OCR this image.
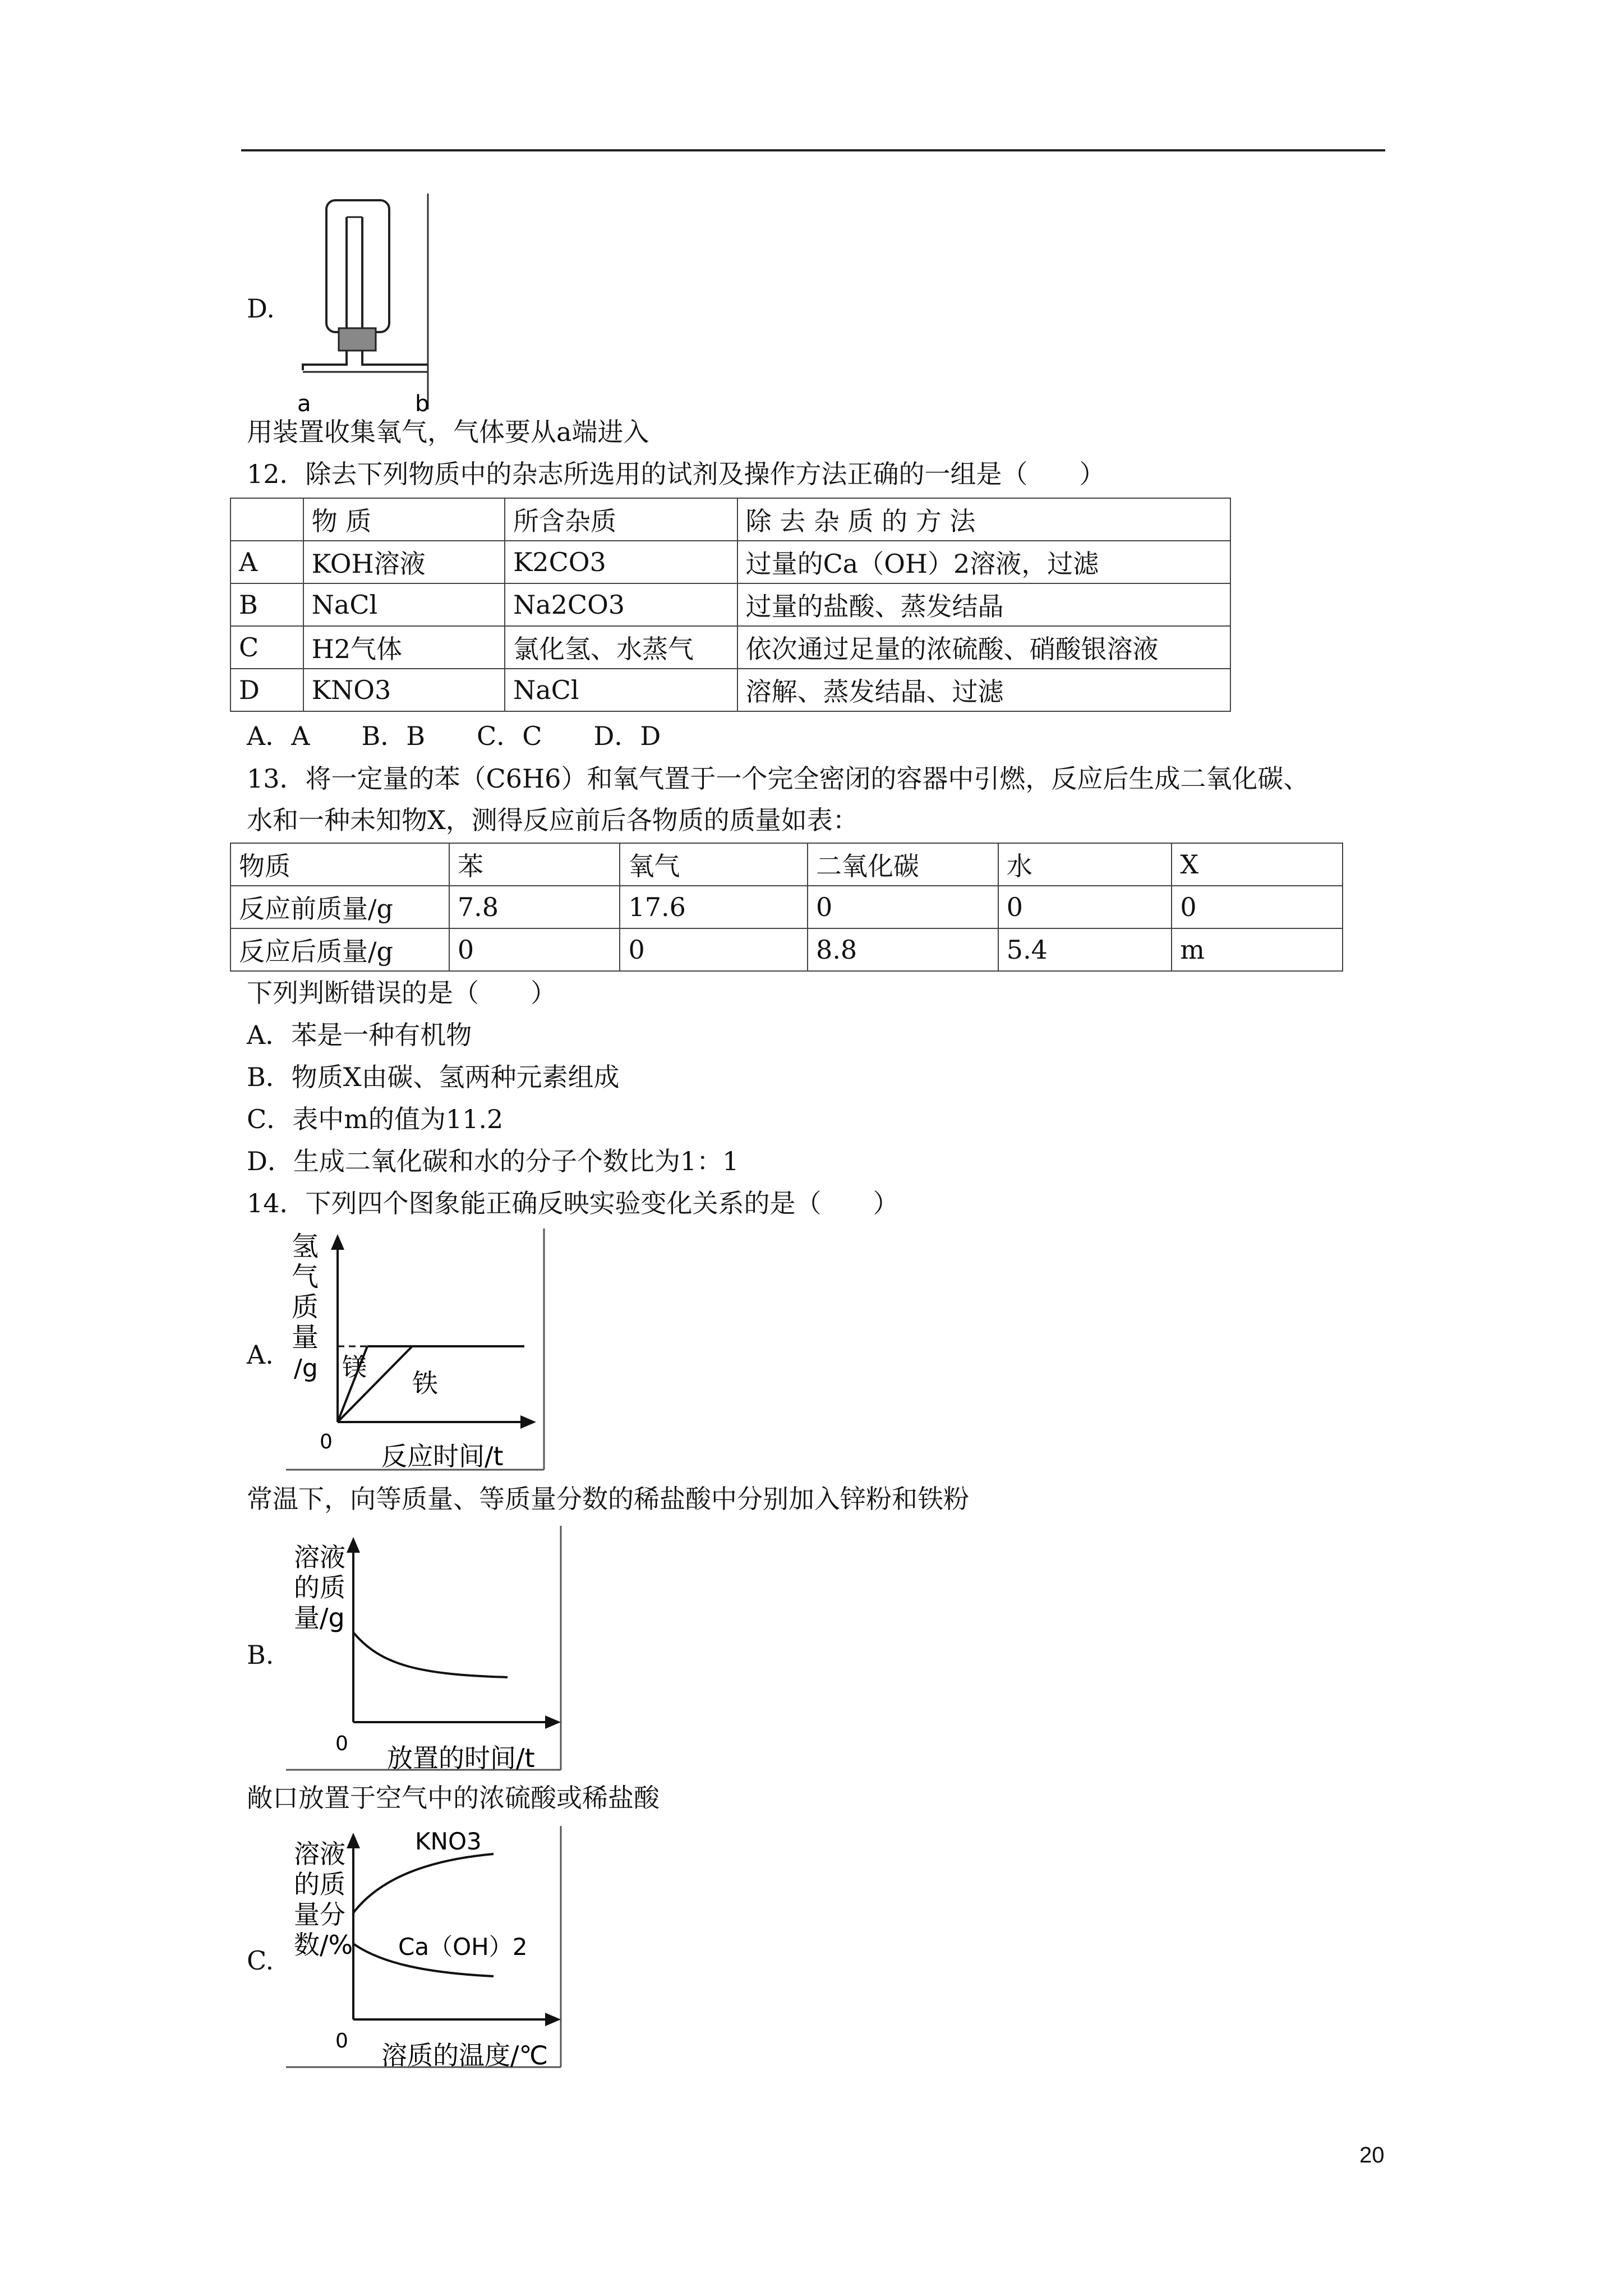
D.
a	b
用装置收集氧气，气体要从a端进入
12．除去下列物质中的杂志所选用的试剂及操作方法正确的一组是（　　）
	物 质	所含杂质	除 去 杂 质 的 方 法
A	KOH溶液	K2CO3	过量的Ca（OH）2溶液，过滤
B	NaCl	Na2CO3	过量的盐酸、蒸发结晶
C	H2气体	氯化氢、水蒸气	依次通过足量的浓硫酸、硝酸银溶液
D	KNO3	NaCl	溶解、蒸发结晶、过滤
A．A　　B．B　　C．C　　D．D
13．将一定量的苯（C6H6）和氧气置于一个完全密闭的容器中引燃，反应后生成二氧化碳、
水和一种未知物X，测得反应前后各物质的质量如表：
物质	苯	氧气	二氧化碳	水	X
反应前质量/g	7.8	17.6	0	0	0
反应后质量/g	0	0	8.8	5.4	m
下列判断错误的是（　　）
A．苯是一种有机物
B．物质X由碳、氢两种元素组成
C．表中m的值为11.2
D．生成二氧化碳和水的分子个数比为1：1
14．下列四个图象能正确反映实验变化关系的是（　　）
A.
氢
气
质
量
/g 镁
铁
0 反应时间/t
常温下，向等质量、等质量分数的稀盐酸中分别加入锌粉和铁粉
B.
溶液
的质
量/g
0 放置的时间/t
敞口放置于空气中的浓硫酸或稀盐酸
C.
KNO3
Ca（OH）2
溶液
的质
量分
数/%
0 溶质的温度/℃
20
